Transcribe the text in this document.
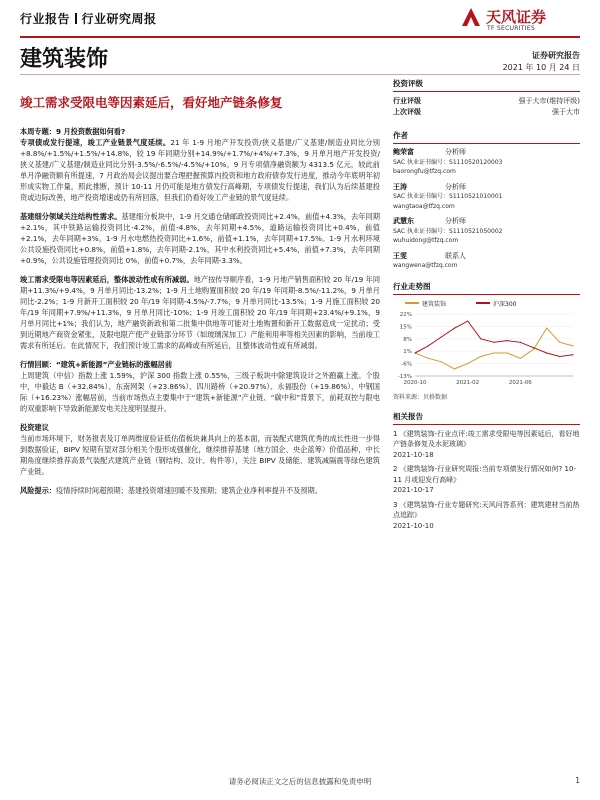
行业报告 行业研究周报	天风证券
TF SECURITIES
建筑装饰	证券研究报告
2021 年 10 月 24 日
竣工需求受限电等因素延后，看好地产链条修复
本周专题：9 月投资数据如何看?

专项债或发行提速，竣工产业链景气度延续。21 年 1-9 月地产开发投资/狭义基建/广义基建/制造业同比分别+8.8%/+1.5%/+1.5%/+14.8%，较 19 年同期分别+14.9%/+1.7%/+4%/+7.3%，9 月单月地产开发投资/狭义基建/广义基建/制造业同比分别-3.5%/-6.5%/-4.5%/+10%。9 月专项债净融资额为 4313.5 亿元，较此前单月净融资额有所提速，7 月政治局会议提出要合理把握预算内投资和地方政府债券发行进度，推动今年底明年初形成实物工作量，照此推断，预计 10-11 月仍可能是地方债发行高峰期，专项债发行提速，我们认为后续基建投资或边际改善，地产投资增速或仍有所回落，但我们仍看好竣工产业链的景气度延续。

基建细分领域关注结构性需求。基建细分板块中，1-9 月交通仓储邮政投资同比+2.4%，前值+4.3%，去年同期+2.1%，其中铁路运输投资同比-4.2%，前值-4.8%，去年同期+4.5%，道路运输投资同比+0.4%，前值+2.1%，去年同期+3%。1-9 月水电燃热投资同比+1.6%，前值+1.1%，去年同期+17.5%。1-9 月水利环境公共设施投资同比+0.8%，前值+1.8%，去年同期-2.1%，其中水利投资同比+5.4%，前值+7.3%，去年同期+0.9%，公共设施管理投资同比 0%，前值+0.7%，去年同期-3.3%。

竣工需求受限电等因素延后，整体波动性或有所减弱。地产按传导顺序看，1-9 月地产销售面积较 20 年/19 年同期+11.3%/+9.4%，9 月单月同比-13.2%；1-9 月土地购置面积较 20 年/19 年同期-8.5%/-11.2%，9 月单月同比-2.2%；1-9 月新开工面积较 20 年/19 年同期-4.5%/-7.7%，9 月单月同比-13.5%；1-9 月施工面积较 20 年/19 年同期+7.9%/+11.3%，9 月单月同比-10%；1-9 月竣工面积较 20 年/19 年同期+23.4%/+9.1%，9 月单月同比+1%；我们认为，地产融资新政和第二批集中供地等可能对土地购置和新开工数据造成一定扰动；受到近期地产商资金紧张，及限电限产使产业链部分环节（如玻璃深加工）产能利用率等相关因素的影响，当前竣工需求有所延后。在此情况下，我们预计竣工需求的高峰或有所延后，且整体波动性或有所减弱。

行情回顾：“建筑+新能源”产业链标的涨幅居前
上周建筑（中信）指数上涨 1.59%，沪深 300 指数上涨 0.55%，三级子板块中除建筑设计之外跑赢上涨。个股中，中毅达 B（+32.84%）、东南网架（+23.86%）、四川路桥（+20.97%）、永福股份（+19.86%）、中钢国际（+16.23%）涨幅居前，当前市场热点主要集中于“建筑+新能源”产业链、“碳中和”背景下，前耗双控与限电的双重影响下导致新能源发电关注度明显提升。

投资建议
当前市场环境下，财务报表及订单两维度验证低估值板块兼具向上的基本面，而装配式建筑优秀的成长性进一步得到数据验证，BIPV 短期有望对部分相关个股形成强催化，继续推荐基建（地方国企、央企蓝筹）价值品种，中长期角度继续推荐高景气装配式建筑产业链（钢结构、设计、构件等），关注 BIPV 及储能、建筑减隔震等绿色建筑产业链。

风险提示：疫情持续时间超预期；基建投资增速回暖不及预期；建筑企业净利率提升不及预期。

投资评级
行业评级	强于大市(维持评级)
上次评级	强于大市
作者
鲍荣富	分析师
SAC 执业证书编号：S1110520120003
baorongfu@tfzq.com
王涛	分析师
SAC 执业证书编号：S1110521010001
wangtaoa@tfzq.com
武慧东	分析师
SAC 执业证书编号：S1110521050002
wuhuidong@tfzq.com
王雯	联系人
wangwena@tfzq.com
行业走势图
建筑装饰	沪深300
22%
15%
8%
1%
-6%
-13%
2020-10	2021-02	2021-06
资料来源：贝格数据
相关报告
1 《建筑装饰-行业点评:竣工需求受限电等因素延后，看好地产链条修复及水泥玻璃》
2021-10-18
2 《建筑装饰-行业研究周报:当前专项债发行情况如何? 10-11 月或迎发行高峰》
2021-10-17
3 《建筑装饰-行业专题研究:天风问答系列：建筑建材当前热点追踪》
2021-10-10
请务必阅读正文之后的信息披露和免责申明	1
